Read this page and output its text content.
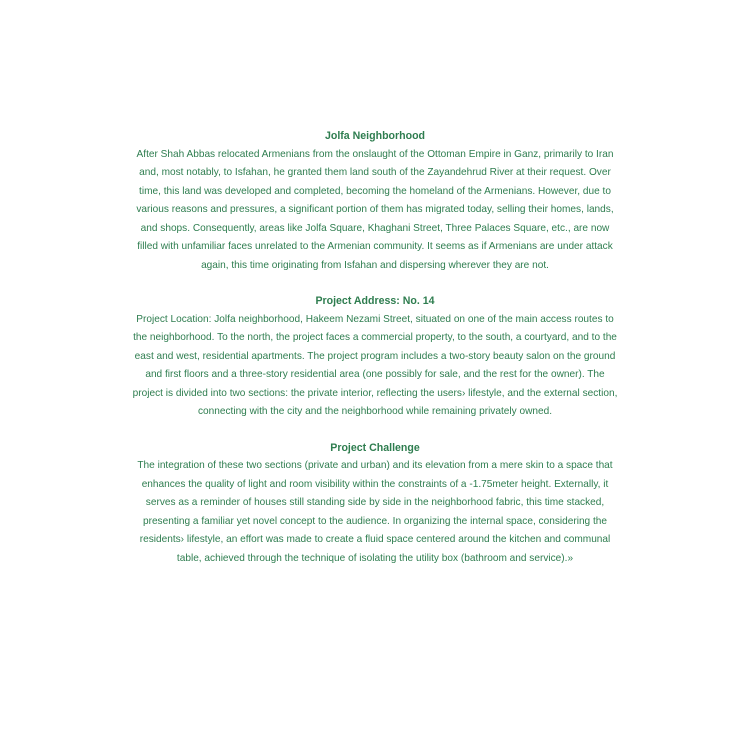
Jolfa Neighborhood

After Shah Abbas relocated Armenians from the onslaught of the Ottoman Empire in Ganz, primarily to Iran and, most notably, to Isfahan, he granted them land south of the Zayandehrud River at their request. Over time, this land was developed and completed, becoming the homeland of the Armenians. However, due to various reasons and pressures, a significant portion of them has migrated today, selling their homes, lands, and shops. Consequently, areas like Jolfa Square, Khaghani Street, Three Palaces Square, etc., are now filled with unfamiliar faces unrelated to the Armenian community. It seems as if Armenians are under attack again, this time originating from Isfahan and dispersing wherever they are not.

Project Address: No. 14

Project Location: Jolfa neighborhood, Hakeem Nezami Street, situated on one of the main access routes to the neighborhood. To the north, the project faces a commercial property, to the south, a courtyard, and to the east and west, residential apartments. The project program includes a two-story beauty salon on the ground and first floors and a three-story residential area (one possibly for sale, and the rest for the owner). The project is divided into two sections: the private interior, reflecting the users› lifestyle, and the external section, connecting with the city and the neighborhood while remaining privately owned.

Project Challenge

The integration of these two sections (private and urban) and its elevation from a mere skin to a space that enhances the quality of light and room visibility within the constraints of a -1.75meter height. Externally, it serves as a reminder of houses still standing side by side in the neighborhood fabric, this time stacked, presenting a familiar yet novel concept to the audience. In organizing the internal space, considering the residents› lifestyle, an effort was made to create a fluid space centered around the kitchen and communal table, achieved through the technique of isolating the utility box (bathroom and service).»
